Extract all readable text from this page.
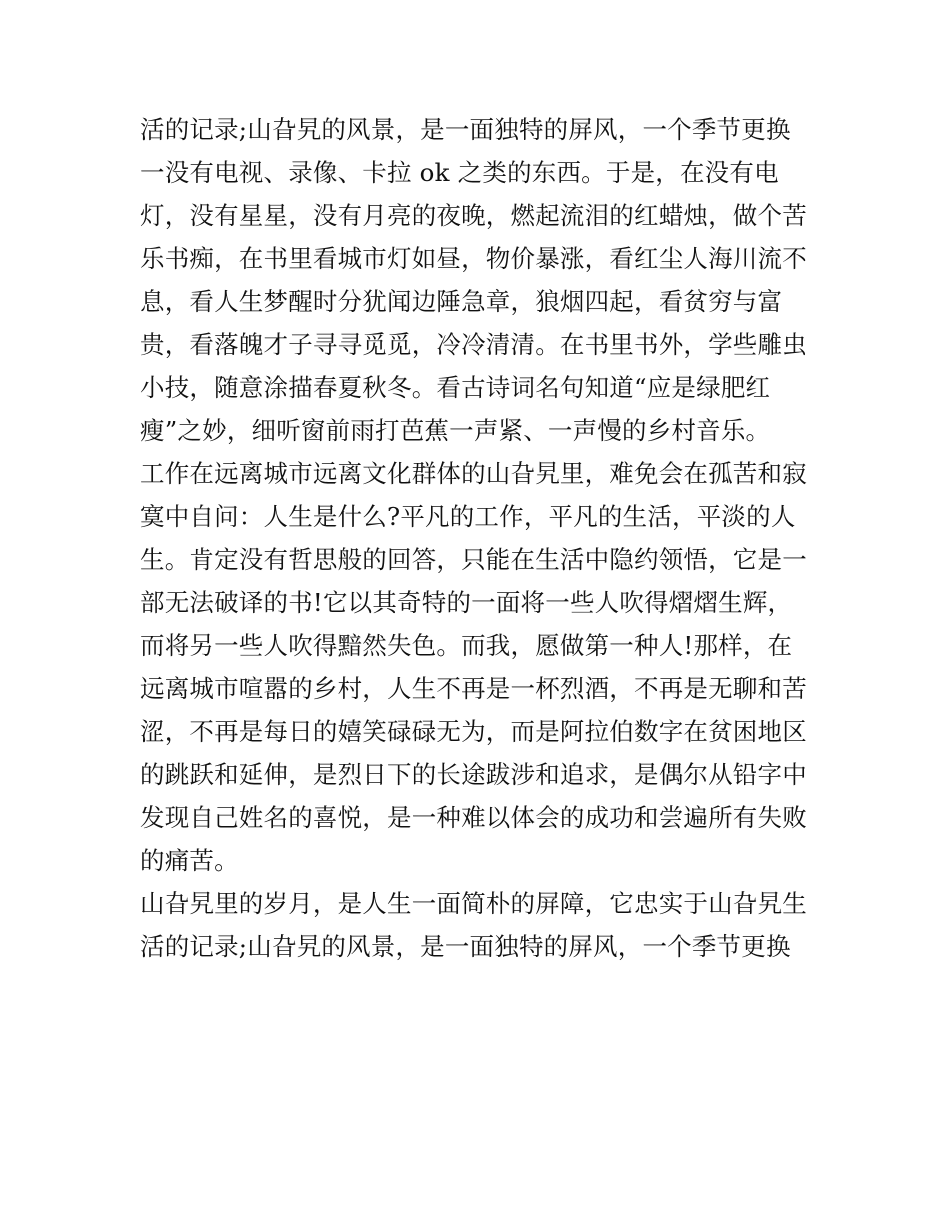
活的记录;山旮旯的风景，是一面独特的屏风，一个季节更换
一没有电视、录像、卡拉 ok 之类的东西。于是，在没有电
灯，没有星星，没有月亮的夜晚，燃起流泪的红蜡烛，做个苦
乐书痴，在书里看城市灯如昼，物价暴涨，看红尘人海川流不
息，看人生梦醒时分犹闻边陲急章，狼烟四起，看贫穷与富
贵，看落魄才子寻寻觅觅，冷冷清清。在书里书外，学些雕虫
小技，随意涂描春夏秋冬。看古诗词名句知道“应是绿肥红
瘦”之妙，细听窗前雨打芭蕉一声紧、一声慢的乡村音乐。
工作在远离城市远离文化群体的山旮旯里，难免会在孤苦和寂
寞中自问：人生是什么?平凡的工作，平凡的生活，平淡的人
生。肯定没有哲思般的回答，只能在生活中隐约领悟，它是一
部无法破译的书!它以其奇特的一面将一些人吹得熠熠生辉，
而将另一些人吹得黯然失色。而我，愿做第一种人!那样，在
远离城市喧嚣的乡村，人生不再是一杯烈酒，不再是无聊和苦
涩，不再是每日的嬉笑碌碌无为，而是阿拉伯数字在贫困地区
的跳跃和延伸，是烈日下的长途跋涉和追求，是偶尔从铅字中
发现自己姓名的喜悦，是一种难以体会的成功和尝遍所有失败
的痛苦。
山旮旯里的岁月，是人生一面简朴的屏障，它忠实于山旮旯生
活的记录;山旮旯的风景，是一面独特的屏风，一个季节更换
